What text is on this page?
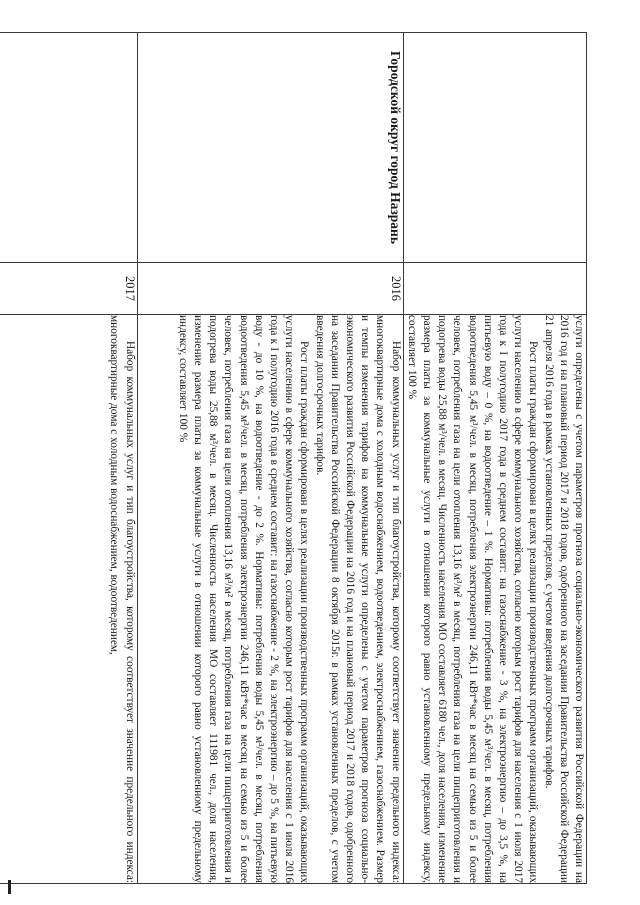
		услуги определены с учетом параметров прогноза социально-экономического развития Российской Федерации на 2016 год и на плановый период 2017 и 2018 годов, одобренного на заседании Правительства Российской Федерации 21 апреля 2016 года в рамках установленных пределов, с учетом введения долгосрочных тарифов.

Рост платы граждан сформирован в целях реализации производственных программ организаций, оказывающих услуги населению в сфере коммунального хозяйства, согласно которым рост тарифов для населения с 1 июля 2017 года к I полугодию 2017 года в среднем составит: на газоснабжение - 3 %, на электроэнергию – до 3,5 %, на питьевую воду – 0 %, на водоотведение – 1 %. Нормативы: потребления воды 5,45 м³/чел. в месяц, потребления водоотведения 5,45 м³/чел. в месяц, потребления электроэнергии 246,11 кВт*час в месяц на семью из 5 и более человек, потребления газа на цели отопления 13,16 м³/м² в месяц, потребления газа на цели пищеприготовления и подогрева воды 25,88 м³/чел. в месяц. Численность населения МО составляет 6180 чел., доля населения, изменение размера платы за коммунальные услуги в отношении которого равно установленному предельному индексу, составляет 100 %

Городской округ город Назрань	2016	Набор коммунальных услуг и тип благоустройства, которому соответствует значение предельного индекса: многоквартирные дома с холодным водоснабжением, водоотведением, электроснабжением, газоснабжением. Размер и темпы изменения тарифов на коммунальные услуги определены с учетом параметров прогноза социально-экономического развития Российской Федерации на 2016 год и на плановый период 2017 и 2018 годов, одобренного на заседании Правительства Российской Федерации 8 октября 2015г. в рамках установленных пределов, с учетом введения долгосрочных тарифов.

Рост платы граждан сформирован в целях реализации производственных программ организаций, оказывающих услуги населению в сфере коммунального хозяйства, согласно которым рост тарифов для населения с 1 июля 2016 года к I полугодию 2016 года в среднем составит: на газоснабжение - 2 %, на электроэнергию – до 5 %, на питьевую воду - до 10 %, на водоотведение - до 2 %. Нормативы: потребления воды 5,45 м³/чел. в месяц, потребления водоотведения 5,45 м³/чел. в месяц, потребления электроэнергии 246,11 кВт*час в месяц на семью из 5 и более человек, потребления газа на цели отопления 13,16 м³/м² в месяц, потребления газа на цели пищеприготовления и подогрева воды 25,88 м³/чел. в месяц. Численность населения МО составляет 111981 чел., доля населения, изменение размера платы за коммунальные услуги в отношении которого равно установленному предельному индексу, составляет 100 %

	2017	Набор коммунальных услуг и тип благоустройства, которому соответствует значение предельного индекса: многоквартирные дома с холодным водоснабжением, водоотведением,
